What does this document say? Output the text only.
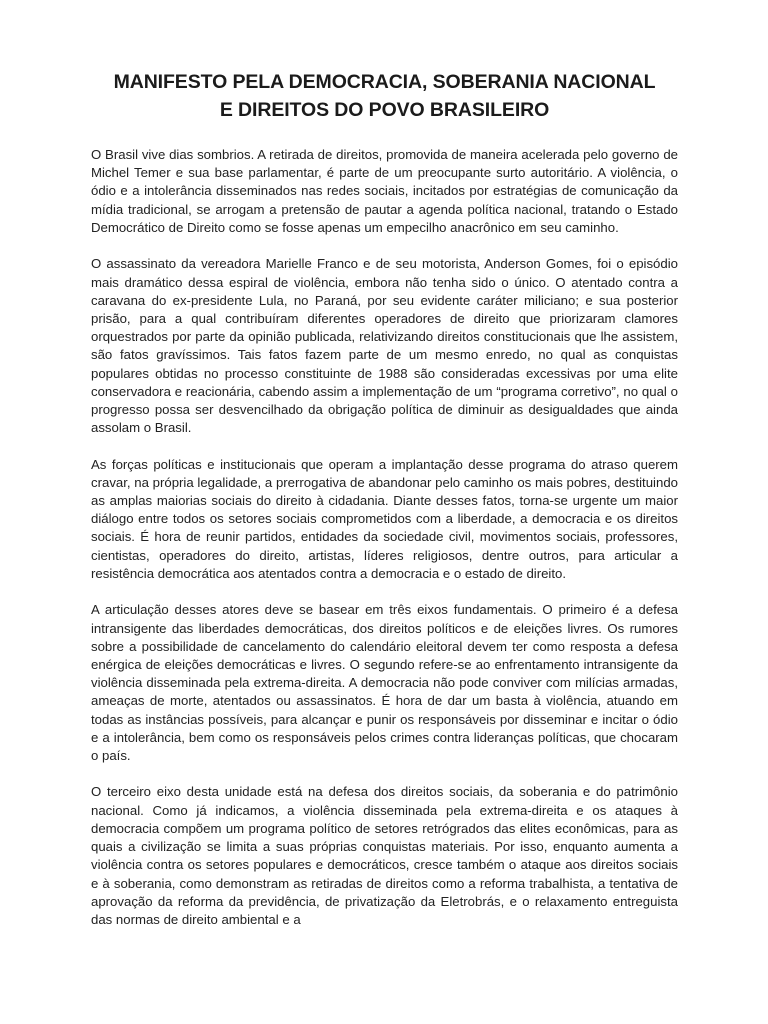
MANIFESTO PELA DEMOCRACIA, SOBERANIA NACIONAL
E DIREITOS DO POVO BRASILEIRO

O Brasil vive dias sombrios. A retirada de direitos, promovida de maneira acelerada pelo governo de Michel Temer e sua base parlamentar, é parte de um preocupante surto autoritário. A violência, o ódio e a intolerância disseminados nas redes sociais, incitados por estratégias de comunicação da mídia tradicional, se arrogam a pretensão de pautar a agenda política nacional, tratando o Estado Democrático de Direito como se fosse apenas um empecilho anacrônico em seu caminho.

O assassinato da vereadora Marielle Franco e de seu motorista, Anderson Gomes, foi o episódio mais dramático dessa espiral de violência, embora não tenha sido o único. O atentado contra a caravana do ex-presidente Lula, no Paraná, por seu evidente caráter miliciano; e sua posterior prisão, para a qual contribuíram diferentes operadores de direito que priorizaram clamores orquestrados por parte da opinião publicada, relativizando direitos constitucionais que lhe assistem, são fatos gravíssimos. Tais fatos fazem parte de um mesmo enredo, no qual as conquistas populares obtidas no processo constituinte de 1988 são consideradas excessivas por uma elite conservadora e reacionária, cabendo assim a implementação de um “programa corretivo”, no qual o progresso possa ser desvencilhado da obrigação política de diminuir as desigualdades que ainda assolam o Brasil.

As forças políticas e institucionais que operam a implantação desse programa do atraso querem cravar, na própria legalidade, a prerrogativa de abandonar pelo caminho os mais pobres, destituindo as amplas maiorias sociais do direito à cidadania. Diante desses fatos, torna-se urgente um maior diálogo entre todos os setores sociais comprometidos com a liberdade, a democracia e os direitos sociais. É hora de reunir partidos, entidades da sociedade civil, movimentos sociais, professores, cientistas, operadores do direito, artistas, líderes religiosos, dentre outros, para articular a resistência democrática aos atentados contra a democracia e o estado de direito.

A articulação desses atores deve se basear em três eixos fundamentais. O primeiro é a defesa intransigente das liberdades democráticas, dos direitos políticos e de eleições livres. Os rumores sobre a possibilidade de cancelamento do calendário eleitoral devem ter como resposta a defesa enérgica de eleições democráticas e livres. O segundo refere-se ao enfrentamento intransigente da violência disseminada pela extrema-direita. A democracia não pode conviver com milícias armadas, ameaças de morte, atentados ou assassinatos. É hora de dar um basta à violência, atuando em todas as instâncias possíveis, para alcançar e punir os responsáveis por disseminar e incitar o ódio e a intolerância, bem como os responsáveis pelos crimes contra lideranças políticas, que chocaram o país.

O terceiro eixo desta unidade está na defesa dos direitos sociais, da soberania e do patrimônio nacional. Como já indicamos, a violência disseminada pela extrema-direita e os ataques à democracia compõem um programa político de setores retrógrados das elites econômicas, para as quais a civilização se limita a suas próprias conquistas materiais. Por isso, enquanto aumenta a violência contra os setores populares e democráticos, cresce também o ataque aos direitos sociais e à soberania, como demonstram as retiradas de direitos como a reforma trabalhista, a tentativa de aprovação da reforma da previdência, de privatização da Eletrobrás, e o relaxamento entreguista das normas de direito ambiental e a
